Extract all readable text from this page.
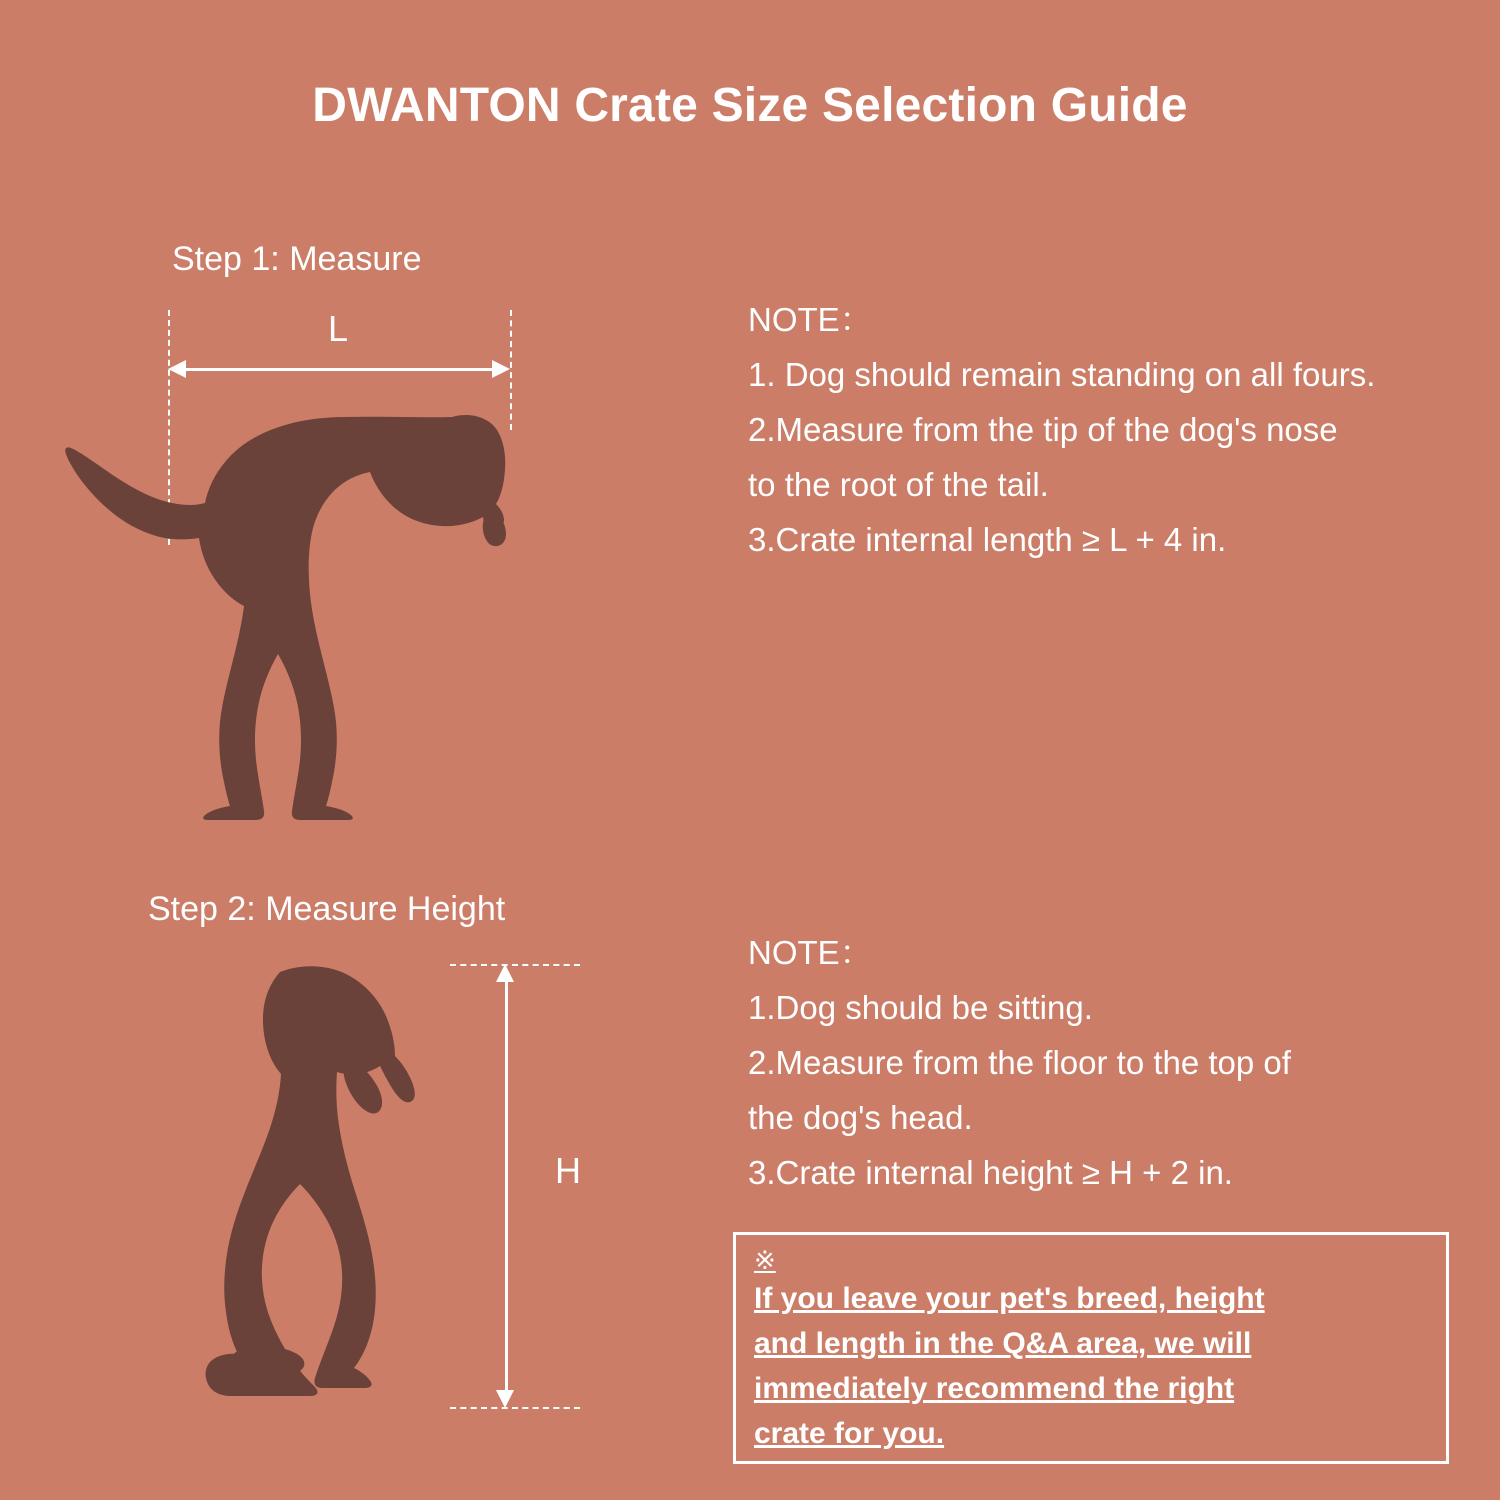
DWANTON Crate Size Selection Guide
Step 1: Measure
L	NOTE：
1. Dog should remain standing on all fours.
2.Measure from the tip of the dog's nose
to the root of the tail.
3.Crate internal length ≥ L + 4 in.
Step 2: Measure Height
H
NOTE：
1.Dog should be sitting.
2.Measure from the floor to the top of
the dog's head.
3.Crate internal height ≥ H + 2 in.
※
If you leave your pet's breed, height
and length in the Q&A area, we will
immediately recommend the right
crate for you.
